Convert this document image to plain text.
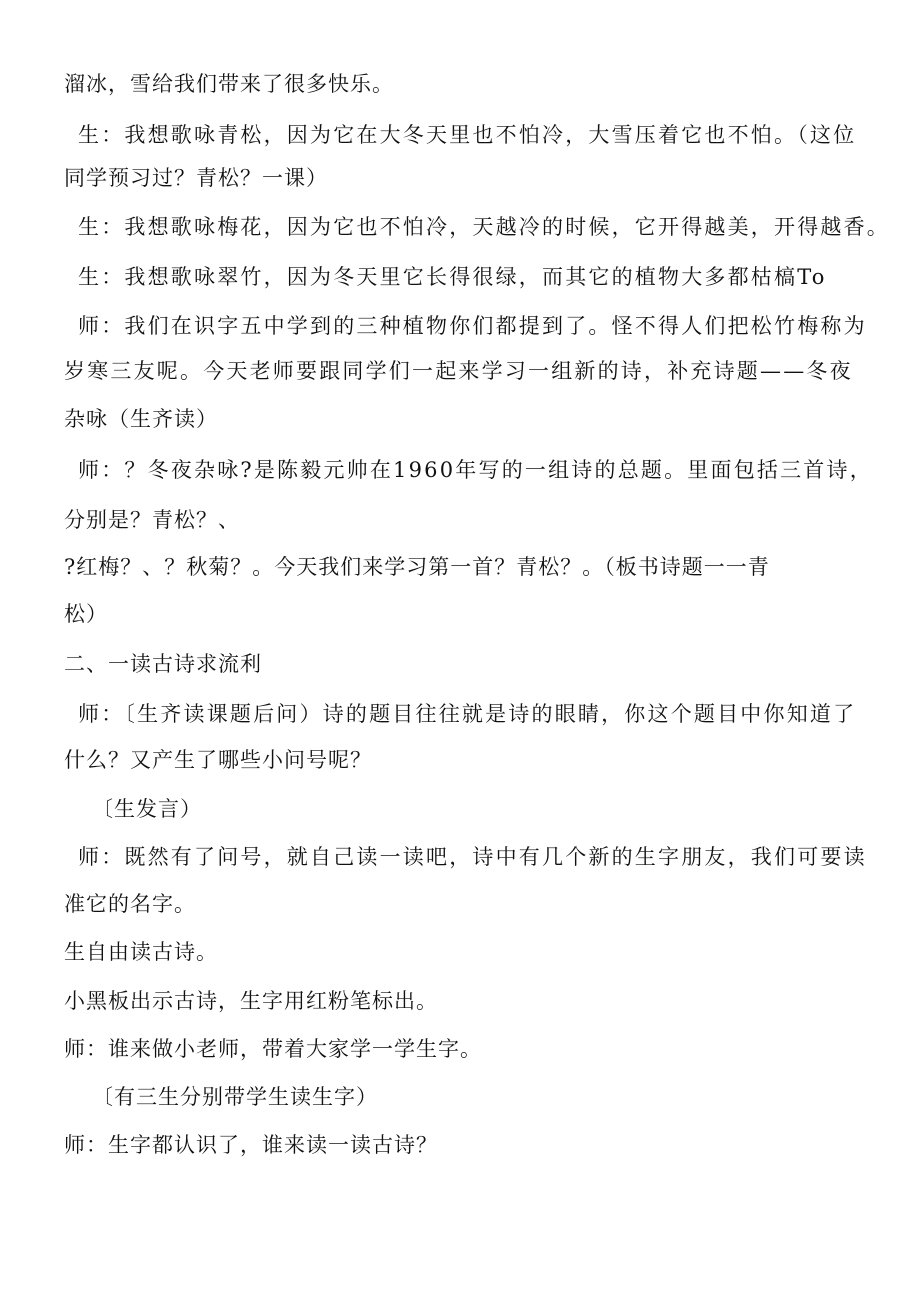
溜冰，雪给我们带来了很多快乐。
生：我想歌咏青松，因为它在大冬天里也不怕冷，大雪压着它也不怕。（这位
同学预习过？青松？一课）
生：我想歌咏梅花，因为它也不怕冷，天越冷的时候，它开得越美，开得越香。
生：我想歌咏翠竹，因为冬天里它长得很绿，而其它的植物大多都枯槁To
师：我们在识字五中学到的三种植物你们都提到了。怪不得人们把松竹梅称为
岁寒三友呢。今天老师要跟同学们一起来学习一组新的诗，补充诗题——冬夜
杂咏（生齐读）
师：？冬夜杂咏?是陈毅元帅在1960年写的一组诗的总题。里面包括三首诗，
分别是？青松？、
?红梅？、？秋菊？。今天我们来学习第一首？青松？。（板书诗题一一青
松）
二、一读古诗求流利
师：〔生齐读课题后问）诗的题目往往就是诗的眼睛，你这个题目中你知道了
什么？又产生了哪些小问号呢？
〔生发言）
师：既然有了问号，就自己读一读吧，诗中有几个新的生字朋友，我们可要读
准它的名字。
生自由读古诗。
小黑板出示古诗，生字用红粉笔标出。
师：谁来做小老师，带着大家学一学生字。
〔有三生分别带学生读生字）
师：生字都认识了，谁来读一读古诗？
